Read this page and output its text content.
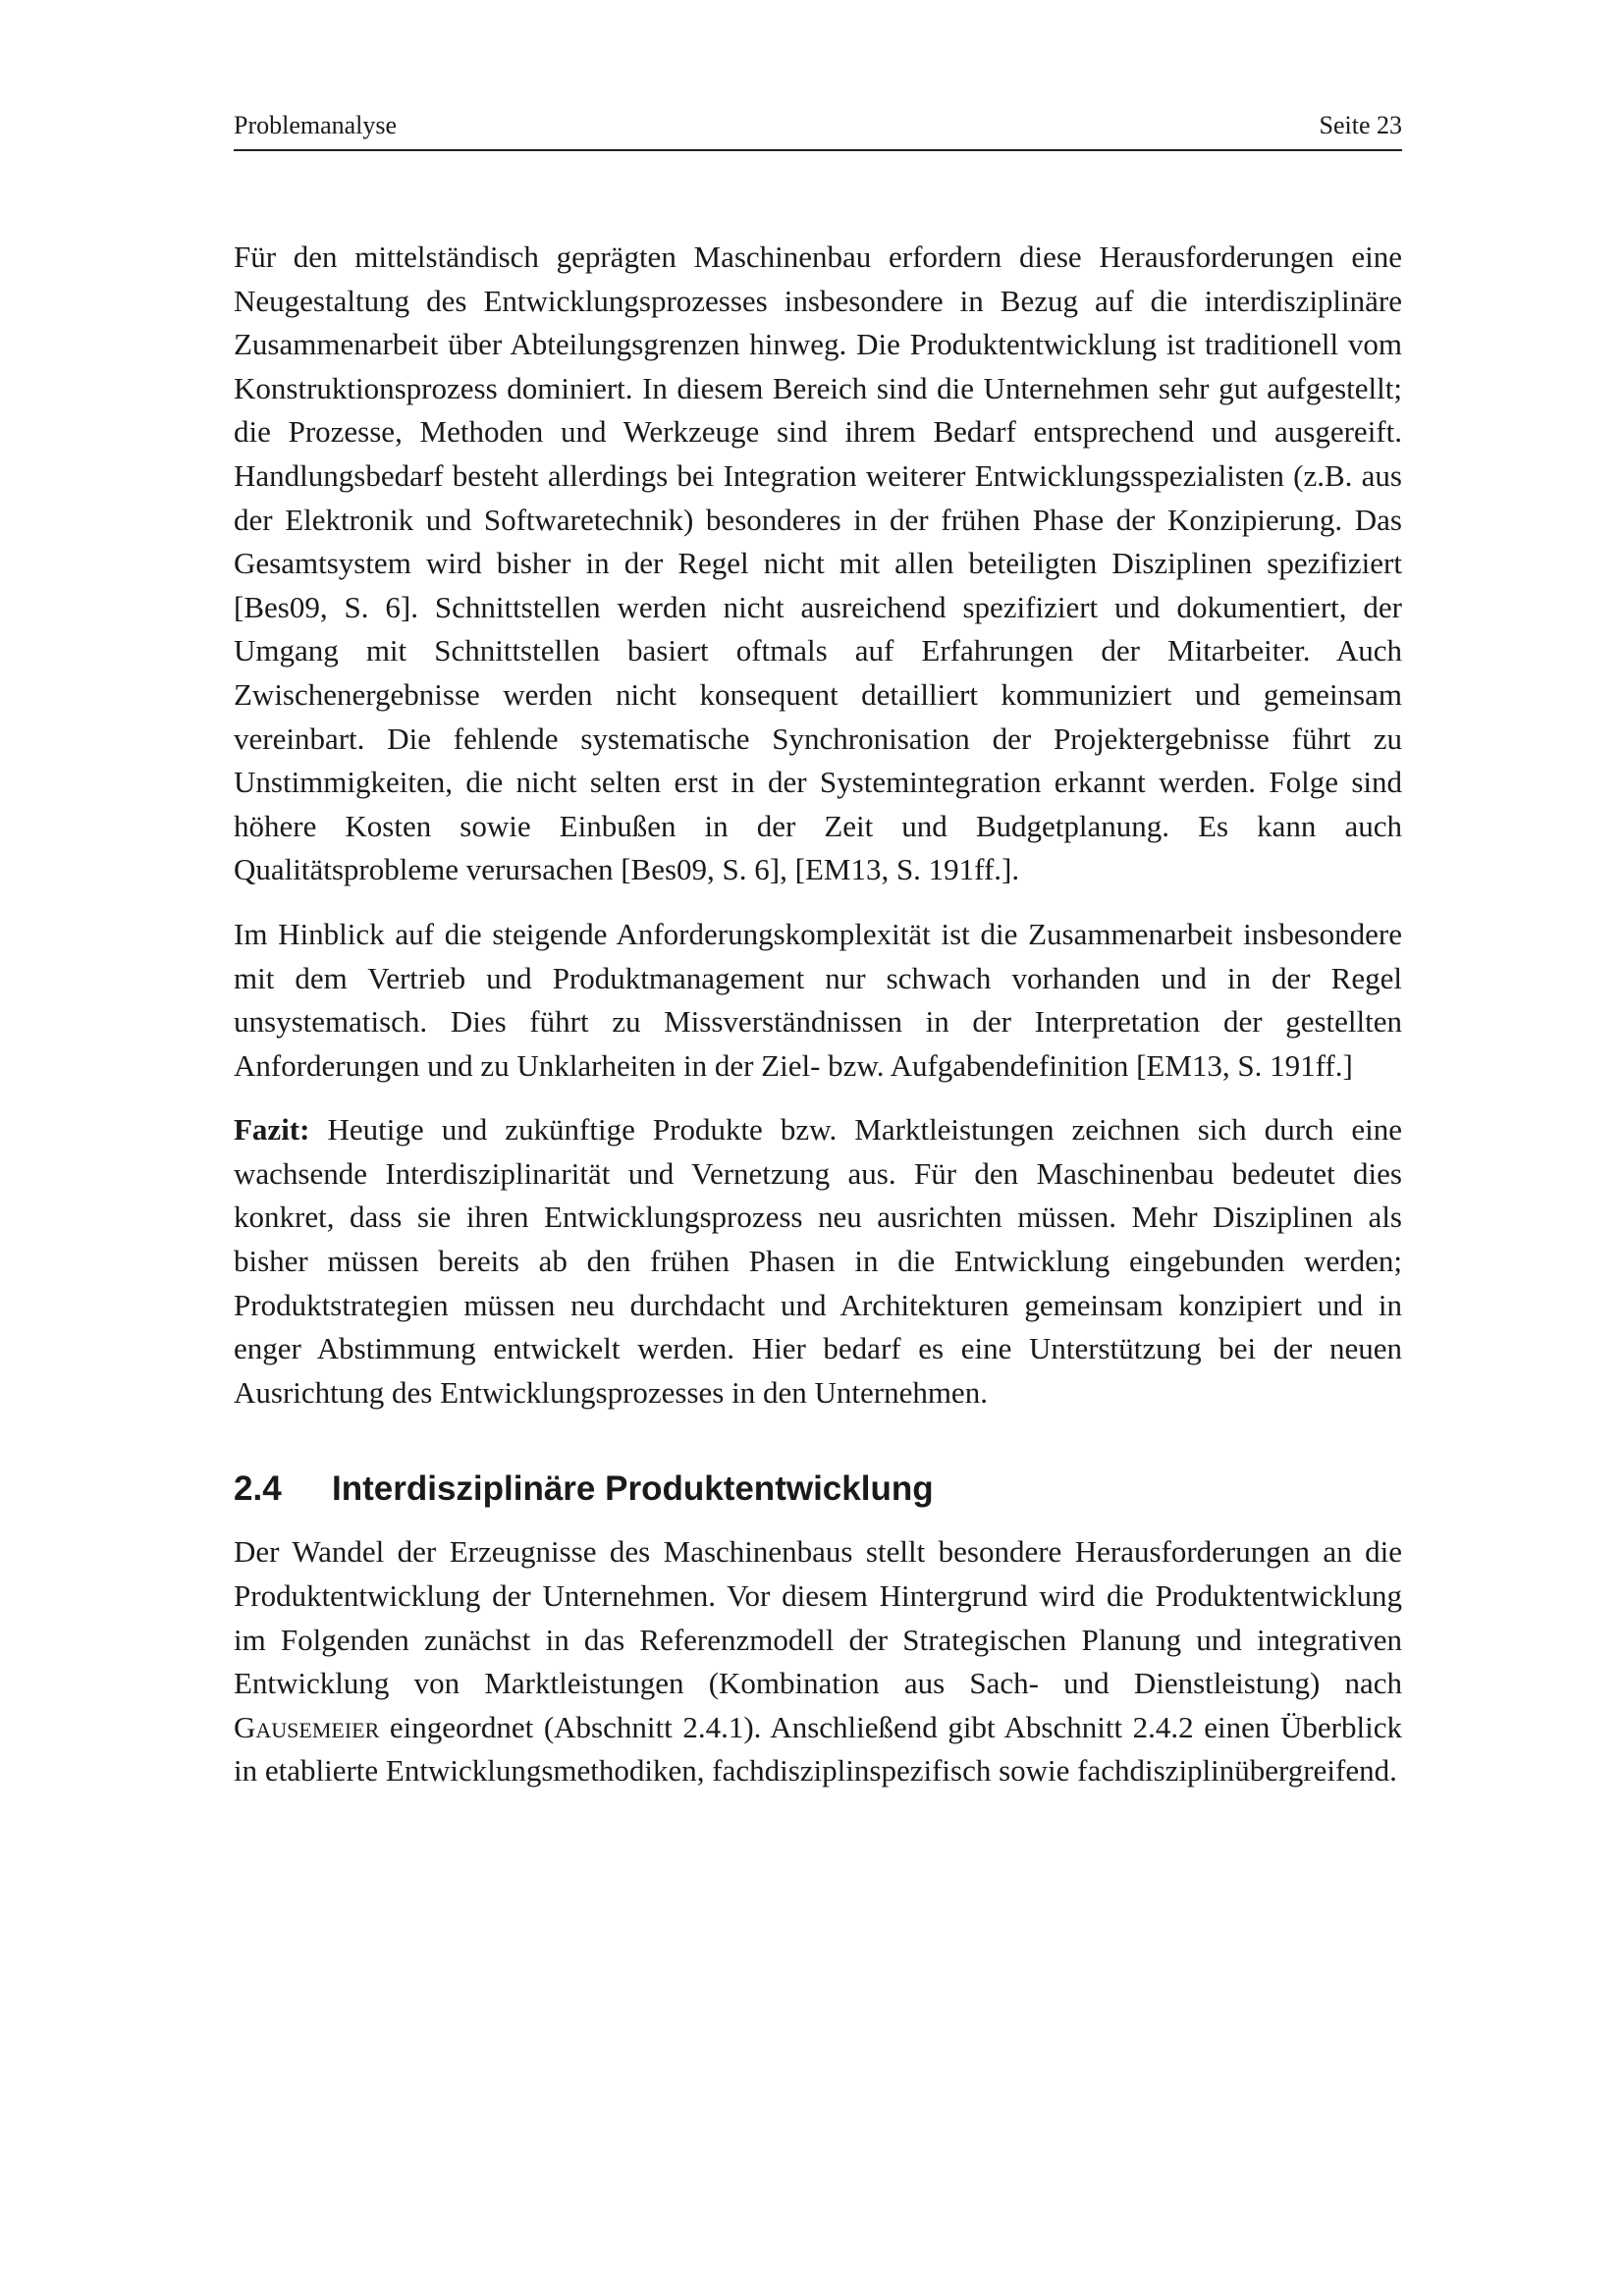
Problemanalyse	Seite 23

Für den mittelständisch geprägten Maschinenbau erfordern diese Herausforderungen eine Neugestaltung des Entwicklungsprozesses insbesondere in Bezug auf die interdisziplinäre Zusammenarbeit über Abteilungsgrenzen hinweg. Die Produktentwicklung ist traditionell vom Konstruktionsprozess dominiert. In diesem Bereich sind die Unternehmen sehr gut aufgestellt; die Prozesse, Methoden und Werkzeuge sind ihrem Bedarf entsprechend und ausgereift. Handlungsbedarf besteht allerdings bei Integration weiterer Entwicklungsspezialisten (z.B. aus der Elektronik und Softwaretechnik) besonderes in der frühen Phase der Konzipierung. Das Gesamtsystem wird bisher in der Regel nicht mit allen beteiligten Disziplinen spezifiziert [Bes09, S. 6]. Schnittstellen werden nicht ausreichend spezifiziert und dokumentiert, der Umgang mit Schnittstellen basiert oftmals auf Erfahrungen der Mitarbeiter. Auch Zwischenergebnisse werden nicht konsequent detailliert kommuniziert und gemeinsam vereinbart. Die fehlende systematische Synchronisation der Projektergebnisse führt zu Unstimmigkeiten, die nicht selten erst in der Systemintegration erkannt werden. Folge sind höhere Kosten sowie Einbußen in der Zeit und Budgetplanung. Es kann auch Qualitätsprobleme verursachen [Bes09, S. 6], [EM13, S. 191ff.].

Im Hinblick auf die steigende Anforderungskomplexität ist die Zusammenarbeit insbesondere mit dem Vertrieb und Produktmanagement nur schwach vorhanden und in der Regel unsystematisch. Dies führt zu Missverständnissen in der Interpretation der gestellten Anforderungen und zu Unklarheiten in der Ziel- bzw. Aufgabendefinition [EM13, S. 191ff.]

Fazit: Heutige und zukünftige Produkte bzw. Marktleistungen zeichnen sich durch eine wachsende Interdisziplinarität und Vernetzung aus. Für den Maschinenbau bedeutet dies konkret, dass sie ihren Entwicklungsprozess neu ausrichten müssen. Mehr Disziplinen als bisher müssen bereits ab den frühen Phasen in die Entwicklung eingebunden werden; Produktstrategien müssen neu durchdacht und Architekturen gemeinsam konzipiert und in enger Abstimmung entwickelt werden. Hier bedarf es eine Unterstützung bei der neuen Ausrichtung des Entwicklungsprozesses in den Unternehmen.

2.4 Interdisziplinäre Produktentwicklung

Der Wandel der Erzeugnisse des Maschinenbaus stellt besondere Herausforderungen an die Produktentwicklung der Unternehmen. Vor diesem Hintergrund wird die Produktentwicklung im Folgenden zunächst in das Referenzmodell der Strategischen Planung und integrativen Entwicklung von Marktleistungen (Kombination aus Sach- und Dienstleistung) nach Gausemeier eingeordnet (Abschnitt 2.4.1). Anschließend gibt Abschnitt 2.4.2 einen Überblick in etablierte Entwicklungsmethodiken, fachdisziplinspezifisch sowie fachdisziplinübergreifend.
